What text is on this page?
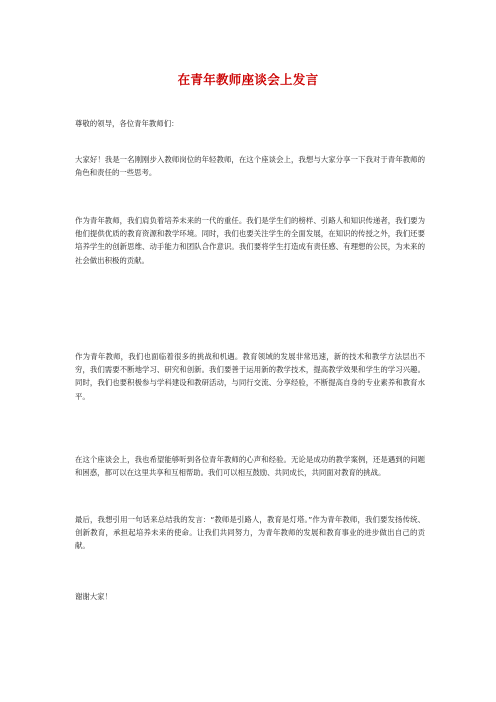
在青年教师座谈会上发言

尊敬的领导，各位青年教师们：

大家好！我是一名刚刚步入教师岗位的年轻教师，在这个座谈会上，我想与大家分享一下我对于青年教师的角色和责任的一些思考。

作为青年教师，我们肩负着培养未来的一代的重任。我们是学生们的榜样、引路人和知识传递者，我们要为他们提供优质的教育资源和教学环境。同时，我们也要关注学生的全面发展，在知识的传授之外，我们还要培养学生的创新思维、动手能力和团队合作意识。我们要将学生打造成有责任感、有理想的公民，为未来的社会做出积极的贡献。

作为青年教师，我们也面临着很多的挑战和机遇。教育领域的发展非常迅速，新的技术和教学方法层出不穷，我们需要不断地学习、研究和创新。我们要善于运用新的教学技术，提高教学效果和学生的学习兴趣。同时，我们也要积极参与学科建设和教研活动，与同行交流、分享经验，不断提高自身的专业素养和教育水平。

在这个座谈会上，我也希望能够听到各位青年教师的心声和经验。无论是成功的教学案例，还是遇到的问题和困惑，都可以在这里共享和互相帮助。我们可以相互鼓励、共同成长，共同面对教育的挑战。

最后，我想引用一句话来总结我的发言：“教师是引路人，教育是灯塔。”作为青年教师，我们要发扬传统、创新教育，承担起培养未来的使命。让我们共同努力，为青年教师的发展和教育事业的进步做出自己的贡献。

谢谢大家！
